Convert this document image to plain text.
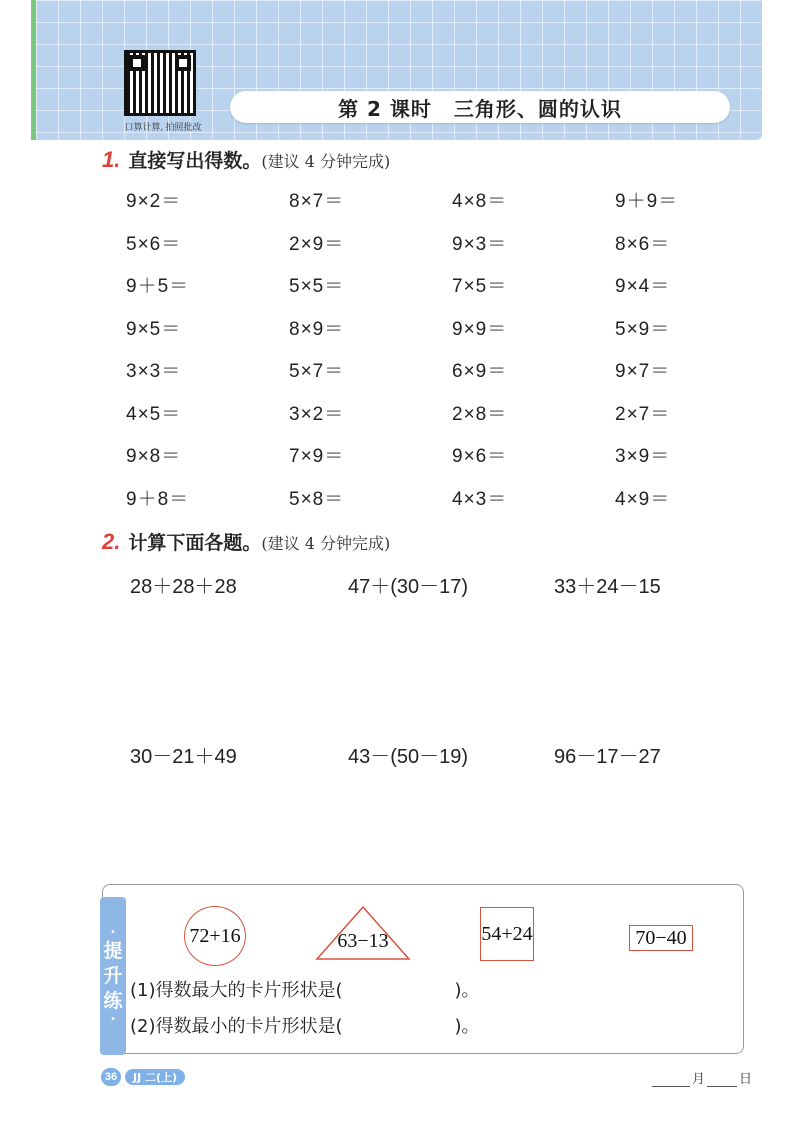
口算计算, 拍照批改
第 2 课时 三角形、圆的认识
1. 直接写出得数。 (建议 4 分钟完成)
9×2＝	8×7＝	4×8＝	9＋9＝
5×6＝	2×9＝	9×3＝	8×6＝
9＋5＝	5×5＝	7×5＝	9×4＝
9×5＝	8×9＝	9×9＝	5×9＝
3×3＝	5×7＝	6×9＝	9×7＝
4×5＝	3×2＝	2×8＝	2×7＝
9×8＝	7×9＝	9×6＝	3×9＝
9＋8＝	5×8＝	4×3＝	4×9＝
2. 计算下面各题。 (建议 4 分钟完成)
28＋28＋28	47＋(30－17)	33＋24－15
30－21＋49	43－(50－19)	96－17－27
•
提
升
练
•
72+16	63−13	54+24	70−40
(1)得数最大的卡片形状是(	)。
(2)得数最小的卡片形状是(	)。
36	JJ 二(上)	月	日
